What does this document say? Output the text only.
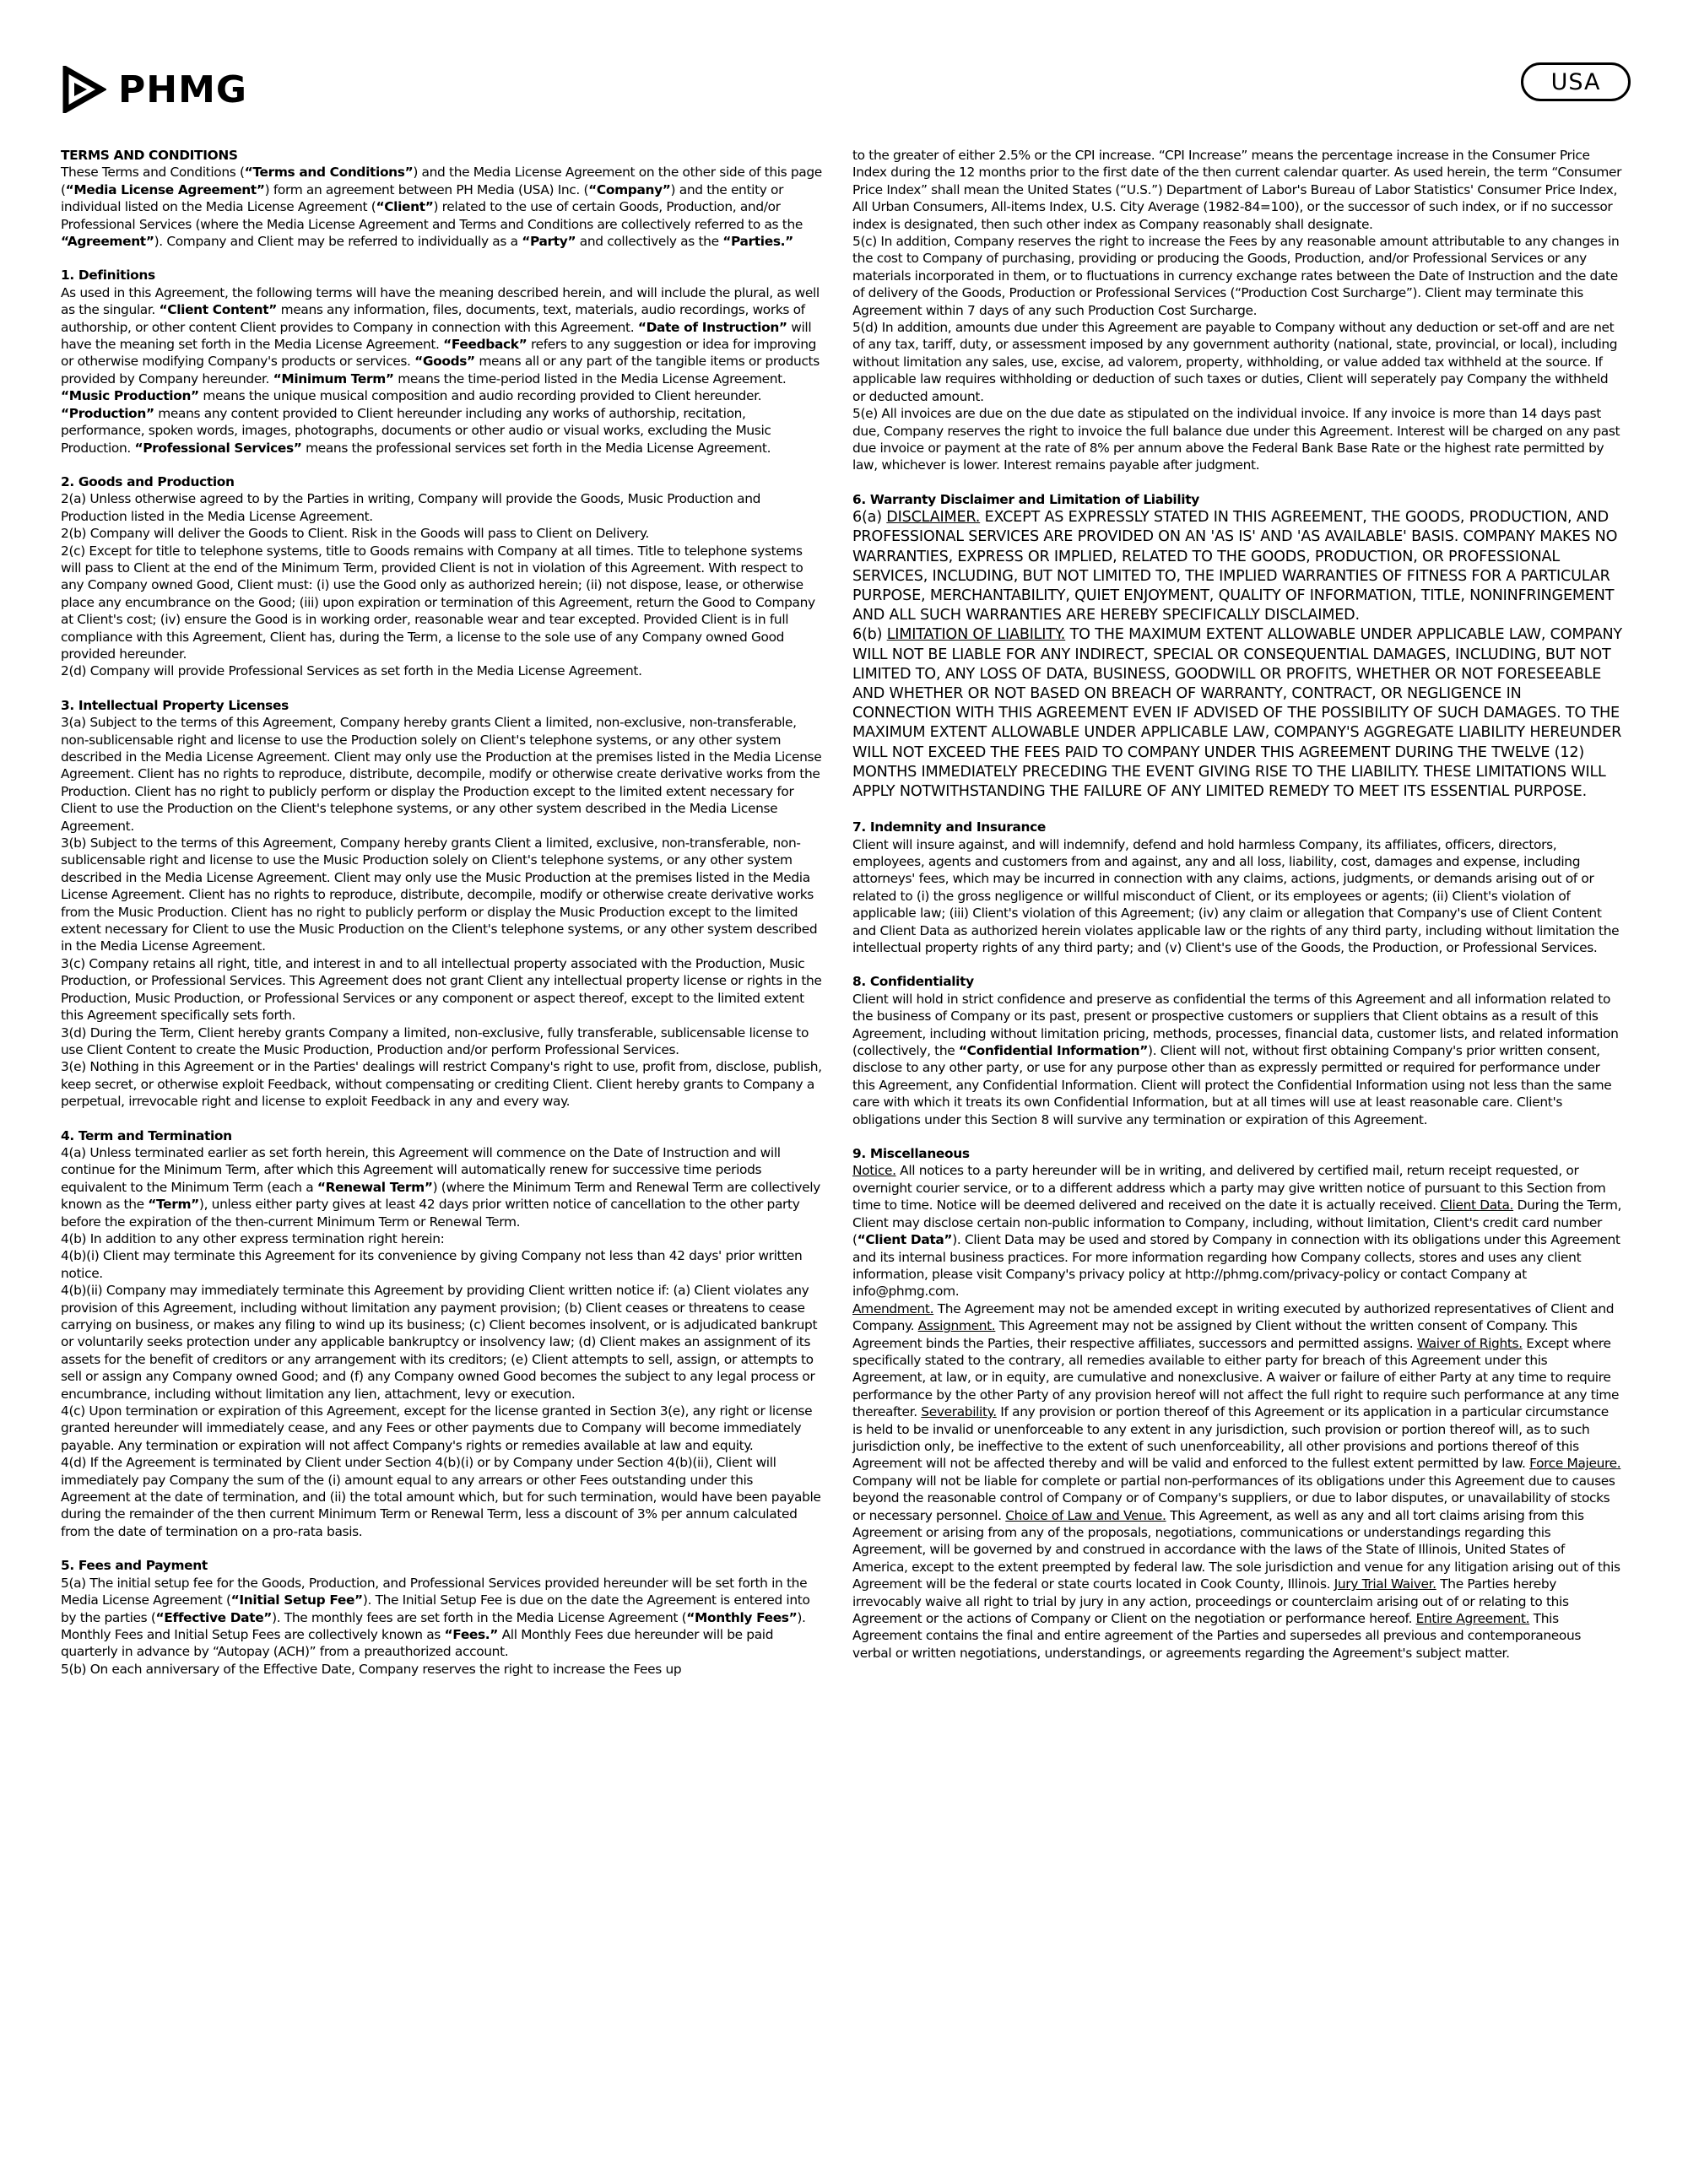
PHMG	USA
TERMS AND CONDITIONS
These Terms and Conditions (“Terms and Conditions”) and the Media License Agreement on the other side of this page (“Media License Agreement”) form an agreement between PH Media (USA) Inc. (“Company”) and the entity or individual listed on the Media License Agreement (“Client”) related to the use of certain Goods, Production, and/or Professional Services (where the Media License Agreement and Terms and Conditions are collectively referred to as the “Agreement”). Company and Client may be referred to individually as a “Party” and collectively as the “Parties.”
1. Definitions
As used in this Agreement, the following terms will have the meaning described herein, and will include the plural, as well as the singular. “Client Content” means any information, files, documents, text, materials, audio recordings, works of authorship, or other content Client provides to Company in connection with this Agreement. “Date of Instruction” will have the meaning set forth in the Media License Agreement. “Feedback” refers to any suggestion or idea for improving or otherwise modifying Company's products or services. “Goods” means all or any part of the tangible items or products provided by Company hereunder. “Minimum Term” means the time-period listed in the Media License Agreement. “Music Production” means the unique musical composition and audio recording provided to Client hereunder. “Production” means any content provided to Client hereunder including any works of authorship, recitation, performance, spoken words, images, photographs, documents or other audio or visual works, excluding the Music Production. “Professional Services” means the professional services set forth in the Media License Agreement.
2. Goods and Production

2(a) Unless otherwise agreed to by the Parties in writing, Company will provide the Goods, Music Production and Production listed in the Media License Agreement.

2(b) Company will deliver the Goods to Client. Risk in the Goods will pass to Client on Delivery.

2(c) Except for title to telephone systems, title to Goods remains with Company at all times. Title to telephone systems will pass to Client at the end of the Minimum Term, provided Client is not in violation of this Agreement. With respect to any Company owned Good, Client must: (i) use the Good only as authorized herein; (ii) not dispose, lease, or otherwise place any encumbrance on the Good; (iii) upon expiration or termination of this Agreement, return the Good to Company at Client's cost; (iv) ensure the Good is in working order, reasonable wear and tear excepted. Provided Client is in full compliance with this Agreement, Client has, during the Term, a license to the sole use of any Company owned Good provided hereunder.

2(d) Company will provide Professional Services as set forth in the Media License Agreement.

3. Intellectual Property Licenses

3(a) Subject to the terms of this Agreement, Company hereby grants Client a limited, non-exclusive, non-transferable, non-sublicensable right and license to use the Production solely on Client's telephone systems, or any other system described in the Media License Agreement. Client may only use the Production at the premises listed in the Media License Agreement. Client has no rights to reproduce, distribute, decompile, modify or otherwise create derivative works from the Production. Client has no right to publicly perform or display the Production except to the limited extent necessary for Client to use the Production on the Client's telephone systems, or any other system described in the Media License Agreement.

3(b) Subject to the terms of this Agreement, Company hereby grants Client a limited, exclusive, non-transferable, non-sublicensable right and license to use the Music Production solely on Client's telephone systems, or any other system described in the Media License Agreement. Client may only use the Music Production at the premises listed in the Media License Agreement. Client has no rights to reproduce, distribute, decompile, modify or otherwise create derivative works from the Music Production. Client has no right to publicly perform or display the Music Production except to the limited extent necessary for Client to use the Music Production on the Client's telephone systems, or any other system described in the Media License Agreement.

3(c) Company retains all right, title, and interest in and to all intellectual property associated with the Production, Music Production, or Professional Services. This Agreement does not grant Client any intellectual property license or rights in the Production, Music Production, or Professional Services or any component or aspect thereof, except to the limited extent this Agreement specifically sets forth.

3(d) During the Term, Client hereby grants Company a limited, non-exclusive, fully transferable, sublicensable license to use Client Content to create the Music Production, Production and/or perform Professional Services.

3(e) Nothing in this Agreement or in the Parties' dealings will restrict Company's right to use, profit from, disclose, publish, keep secret, or otherwise exploit Feedback, without compensating or crediting Client. Client hereby grants to Company a perpetual, irrevocable right and license to exploit Feedback in any and every way.

4. Term and Termination

4(a) Unless terminated earlier as set forth herein, this Agreement will commence on the Date of Instruction and will continue for the Minimum Term, after which this Agreement will automatically renew for successive time periods equivalent to the Minimum Term (each a “Renewal Term”) (where the Minimum Term and Renewal Term are collectively known as the “Term”), unless either party gives at least 42 days prior written notice of cancellation to the other party before the expiration of the then-current Minimum Term or Renewal Term.

4(b) In addition to any other express termination right herein:

4(b)(i) Client may terminate this Agreement for its convenience by giving Company not less than 42 days' prior written notice.

4(b)(ii) Company may immediately terminate this Agreement by providing Client written notice if: (a) Client violates any provision of this Agreement, including without limitation any payment provision; (b) Client ceases or threatens to cease carrying on business, or makes any filing to wind up its business; (c) Client becomes insolvent, or is adjudicated bankrupt or voluntarily seeks protection under any applicable bankruptcy or insolvency law; (d) Client makes an assignment of its assets for the benefit of creditors or any arrangement with its creditors; (e) Client attempts to sell, assign, or attempts to sell or assign any Company owned Good; and (f) any Company owned Good becomes the subject to any legal process or encumbrance, including without limitation any lien, attachment, levy or execution.

4(c) Upon termination or expiration of this Agreement, except for the license granted in Section 3(e), any right or license granted hereunder will immediately cease, and any Fees or other payments due to Company will become immediately payable. Any termination or expiration will not affect Company's rights or remedies available at law and equity.

4(d) If the Agreement is terminated by Client under Section 4(b)(i) or by Company under Section 4(b)(ii), Client will immediately pay Company the sum of the (i) amount equal to any arrears or other Fees outstanding under this Agreement at the date of termination, and (ii) the total amount which, but for such termination, would have been payable during the remainder of the then current Minimum Term or Renewal Term, less a discount of 3% per annum calculated from the date of termination on a pro-rata basis.

5. Fees and Payment

5(a) The initial setup fee for the Goods, Production, and Professional Services provided hereunder will be set forth in the Media License Agreement (“Initial Setup Fee”). The Initial Setup Fee is due on the date the Agreement is entered into by the parties (“Effective Date”). The monthly fees are set forth in the Media License Agreement (“Monthly Fees”). Monthly Fees and Initial Setup Fees are collectively known as “Fees.” All Monthly Fees due hereunder will be paid quarterly in advance by “Autopay (ACH)” from a preauthorized account.

5(b) On each anniversary of the Effective Date, Company reserves the right to increase the Fees up

to the greater of either 2.5% or the CPI increase. “CPI Increase” means the percentage increase in the Consumer Price Index during the 12 months prior to the first date of the then current calendar quarter. As used herein, the term “Consumer Price Index” shall mean the United States (“U.S.”) Department of Labor's Bureau of Labor Statistics' Consumer Price Index, All Urban Consumers, All-items Index, U.S. City Average (1982-84=100), or the successor of such index, or if no successor index is designated, then such other index as Company reasonably shall designate.

5(c) In addition, Company reserves the right to increase the Fees by any reasonable amount attributable to any changes in the cost to Company of purchasing, providing or producing the Goods, Production, and/or Professional Services or any materials incorporated in them, or to fluctuations in currency exchange rates between the Date of Instruction and the date of delivery of the Goods, Production or Professional Services (“Production Cost Surcharge”). Client may terminate this Agreement within 7 days of any such Production Cost Surcharge.

5(d) In addition, amounts due under this Agreement are payable to Company without any deduction or set-off and are net of any tax, tariff, duty, or assessment imposed by any government authority (national, state, provincial, or local), including without limitation any sales, use, excise, ad valorem, property, withholding, or value added tax withheld at the source. If applicable law requires withholding or deduction of such taxes or duties, Client will seperately pay Company the withheld or deducted amount.

5(e) All invoices are due on the due date as stipulated on the individual invoice. If any invoice is more than 14 days past due, Company reserves the right to invoice the full balance due under this Agreement. Interest will be charged on any past due invoice or payment at the rate of 8% per annum above the Federal Bank Base Rate or the highest rate permitted by law, whichever is lower. Interest remains payable after judgment.

6. Warranty Disclaimer and Limitation of Liability

6(a) DISCLAIMER. EXCEPT AS EXPRESSLY STATED IN THIS AGREEMENT, THE GOODS, PRODUCTION, AND PROFESSIONAL SERVICES ARE PROVIDED ON AN 'AS IS' AND 'AS AVAILABLE' BASIS. COMPANY MAKES NO WARRANTIES, EXPRESS OR IMPLIED, RELATED TO THE GOODS, PRODUCTION, OR PROFESSIONAL SERVICES, INCLUDING, BUT NOT LIMITED TO, THE IMPLIED WARRANTIES OF FITNESS FOR A PARTICULAR PURPOSE, MERCHANTABILITY, QUIET ENJOYMENT, QUALITY OF INFORMATION, TITLE, NONINFRINGEMENT AND ALL SUCH WARRANTIES ARE HEREBY SPECIFICALLY DISCLAIMED.

6(b) LIMITATION OF LIABILITY. TO THE MAXIMUM EXTENT ALLOWABLE UNDER APPLICABLE LAW, COMPANY WILL NOT BE LIABLE FOR ANY INDIRECT, SPECIAL OR CONSEQUENTIAL DAMAGES, INCLUDING, BUT NOT LIMITED TO, ANY LOSS OF DATA, BUSINESS, GOODWILL OR PROFITS, WHETHER OR NOT FORESEEABLE AND WHETHER OR NOT BASED ON BREACH OF WARRANTY, CONTRACT, OR NEGLIGENCE IN CONNECTION WITH THIS AGREEMENT EVEN IF ADVISED OF THE POSSIBILITY OF SUCH DAMAGES. TO THE MAXIMUM EXTENT ALLOWABLE UNDER APPLICABLE LAW, COMPANY'S AGGREGATE LIABILITY HEREUNDER WILL NOT EXCEED THE FEES PAID TO COMPANY UNDER THIS AGREEMENT DURING THE TWELVE (12) MONTHS IMMEDIATELY PRECEDING THE EVENT GIVING RISE TO THE LIABILITY. THESE LIMITATIONS WILL APPLY NOTWITHSTANDING THE FAILURE OF ANY LIMITED REMEDY TO MEET ITS ESSENTIAL PURPOSE.

7. Indemnity and Insurance

Client will insure against, and will indemnify, defend and hold harmless Company, its affiliates, officers, directors, employees, agents and customers from and against, any and all loss, liability, cost, damages and expense, including attorneys' fees, which may be incurred in connection with any claims, actions, judgments, or demands arising out of or related to (i) the gross negligence or willful misconduct of Client, or its employees or agents; (ii) Client's violation of applicable law; (iii) Client's violation of this Agreement; (iv) any claim or allegation that Company's use of Client Content and Client Data as authorized herein violates applicable law or the rights of any third party, including without limitation the intellectual property rights of any third party; and (v) Client's use of the Goods, the Production, or Professional Services.

8. Confidentiality

Client will hold in strict confidence and preserve as confidential the terms of this Agreement and all information related to the business of Company or its past, present or prospective customers or suppliers that Client obtains as a result of this Agreement, including without limitation pricing, methods, processes, financial data, customer lists, and related information (collectively, the “Confidential Information”). Client will not, without first obtaining Company's prior written consent, disclose to any other party, or use for any purpose other than as expressly permitted or required for performance under this Agreement, any Confidential Information. Client will protect the Confidential Information using not less than the same care with which it treats its own Confidential Information, but at all times will use at least reasonable care. Client's obligations under this Section 8 will survive any termination or expiration of this Agreement.

9. Miscellaneous

Notice. All notices to a party hereunder will be in writing, and delivered by certified mail, return receipt requested, or overnight courier service, or to a different address which a party may give written notice of pursuant to this Section from time to time. Notice will be deemed delivered and received on the date it is actually received. Client Data. During the Term, Client may disclose certain non-public information to Company, including, without limitation, Client's credit card number (“Client Data”). Client Data may be used and stored by Company in connection with its obligations under this Agreement and its internal business practices. For more information regarding how Company collects, stores and uses any client information, please visit Company's privacy policy at http://phmg.com/privacy-policy or contact Company at info@phmg.com.

Amendment. The Agreement may not be amended except in writing executed by authorized representatives of Client and Company. Assignment. This Agreement may not be assigned by Client without the written consent of Company. This Agreement binds the Parties, their respective affiliates, successors and permitted assigns. Waiver of Rights. Except where specifically stated to the contrary, all remedies available to either party for breach of this Agreement under this Agreement, at law, or in equity, are cumulative and nonexclusive. A waiver or failure of either Party at any time to require performance by the other Party of any provision hereof will not affect the full right to require such performance at any time thereafter. Severability. If any provision or portion thereof of this Agreement or its application in a particular circumstance is held to be invalid or unenforceable to any extent in any jurisdiction, such provision or portion thereof will, as to such jurisdiction only, be ineffective to the extent of such unenforceability, all other provisions and portions thereof of this Agreement will not be affected thereby and will be valid and enforced to the fullest extent permitted by law. Force Majeure. Company will not be liable for complete or partial non-performances of its obligations under this Agreement due to causes beyond the reasonable control of Company or of Company's suppliers, or due to labor disputes, or unavailability of stocks or necessary personnel. Choice of Law and Venue. This Agreement, as well as any and all tort claims arising from this Agreement or arising from any of the proposals, negotiations, communications or understandings regarding this Agreement, will be governed by and construed in accordance with the laws of the State of Illinois, United States of America, except to the extent preempted by federal law. The sole jurisdiction and venue for any litigation arising out of this Agreement will be the federal or state courts located in Cook County, Illinois. Jury Trial Waiver. The Parties hereby irrevocably waive all right to trial by jury in any action, proceedings or counterclaim arising out of or relating to this Agreement or the actions of Company or Client on the negotiation or performance hereof. Entire Agreement. This Agreement contains the final and entire agreement of the Parties and supersedes all previous and contemporaneous verbal or written negotiations, understandings, or agreements regarding the Agreement's subject matter.
